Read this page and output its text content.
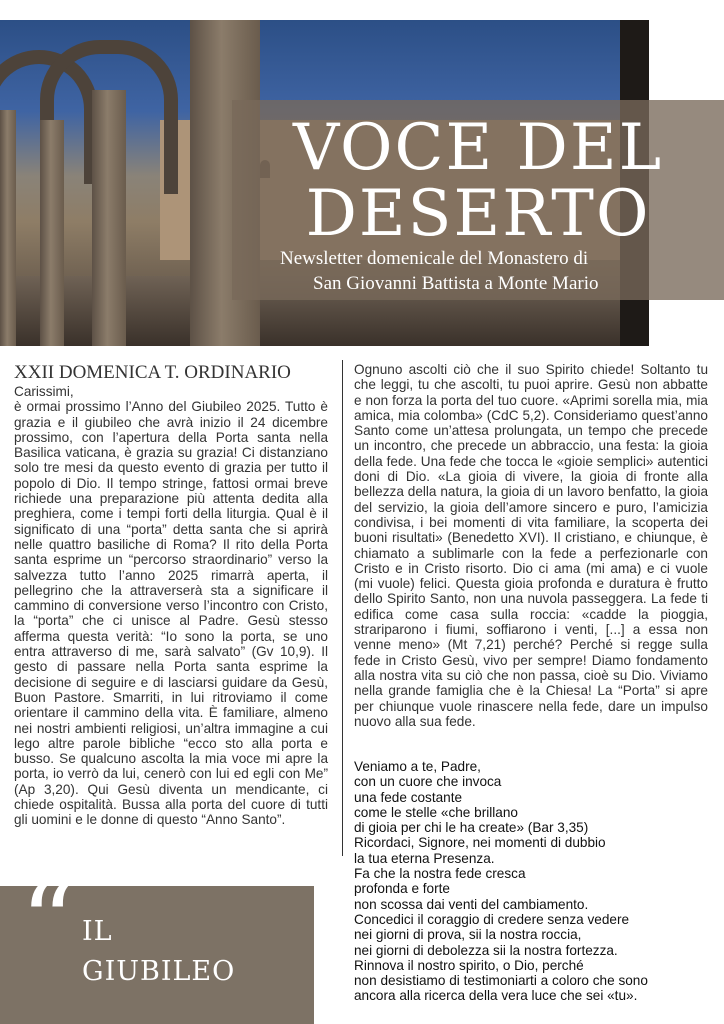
VOCE DEL
DESERTO
Newsletter domenicale del Monastero di
San Giovanni Battista a Monte Mario
XXII DOMENICA T. ORDINARIO

Carissimi,
è ormai prossimo l’Anno del Giubileo 2025. Tutto è grazia e il giubileo che avrà inizio il 24 dicembre prossimo, con l’apertura della Porta santa nella Basilica vaticana, è grazia su grazia! Ci distanziano solo tre mesi da questo evento di grazia per tutto il popolo di Dio. Il tempo stringe, fattosi ormai breve richiede una preparazione più attenta dedita alla preghiera, come i tempi forti della liturgia. Qual è il significato di una “porta” detta santa che si aprirà nelle quattro basiliche di Roma? Il rito della Porta santa esprime un “percorso straordinario” verso la salvezza tutto l’anno 2025 rimarrà aperta, il pellegrino che la attraverserà sta a significare il cammino di conversione verso l’incontro con Cristo, la “porta” che ci unisce al Padre. Gesù stesso afferma questa verità: “Io sono la porta, se uno entra attraverso di me, sarà salvato” (Gv 10,9). Il gesto di passare nella Porta santa esprime la decisione di seguire e di lasciarsi guidare da Gesù, Buon Pastore. Smarriti, in lui ritroviamo il come orientare il cammino della vita. È familiare, almeno nei nostri ambienti religiosi, un’altra immagine a cui lego altre parole bibliche “ecco sto alla porta e busso. Se qualcuno ascolta la mia voce mi apre la porta, io verrò da lui, cenerò con lui ed egli con Me” (Ap 3,20). Qui Gesù diventa un mendicante, ci chiede ospitalità. Bussa alla porta del cuore di tutti gli uomini e le donne di questo “Anno Santo”.

Ognuno ascolti ciò che il suo Spirito chiede! Soltanto tu che leggi, tu che ascolti, tu puoi aprire. Gesù non abbatte e non forza la porta del tuo cuore. «Aprimi sorella mia, mia amica, mia colomba» (CdC 5,2). Consideriamo quest’anno Santo come un’attesa prolungata, un tempo che precede un incontro, che precede un abbraccio, una festa: la gioia della fede. Una fede che tocca le «gioie semplici» autentici doni di Dio. «La gioia di vivere, la gioia di fronte alla bellezza della natura, la gioia di un lavoro benfatto, la gioia del servizio, la gioia dell’amore sincero e puro, l’amicizia condivisa, i bei momenti di vita familiare, la scoperta dei buoni risultati» (Benedetto XVI). Il cristiano, e chiunque, è chiamato a sublimarle con la fede a perfezionarle con Cristo e in Cristo risorto. Dio ci ama (mi ama) e ci vuole (mi vuole) felici. Questa gioia profonda e duratura è frutto dello Spirito Santo, non una nuvola passeggera. La fede ti edifica come casa sulla roccia: «cadde la pioggia, strariparono i fiumi, soffiarono i venti, [...] a essa non venne meno» (Mt 7,21) perché? Perché si regge sulla fede in Cristo Gesù, vivo per sempre! Diamo fondamento alla nostra vita su ciò che non passa, cioè su Dio. Viviamo nella grande famiglia che è la Chiesa! La “Porta” si apre per chiunque vuole rinascere nella fede, dare un impulso nuovo alla sua fede.

Veniamo a te, Padre,
con un cuore che invoca
una fede costante
come le stelle «che brillano
di gioia per chi le ha create» (Bar 3,35)
Ricordaci, Signore, nei momenti di dubbio
la tua eterna Presenza.
Fa che la nostra fede cresca
profonda e forte
non scossa dai venti del cambiamento.
Concedici il coraggio di credere senza vedere
nei giorni di prova, sii la nostra roccia,
nei giorni di debolezza sii la nostra fortezza.
Rinnova il nostro spirito, o Dio, perché
non desistiamo di testimoniarti a coloro che sono
ancora alla ricerca della vera luce che sei «tu».
“ IL
GIUBILEO
